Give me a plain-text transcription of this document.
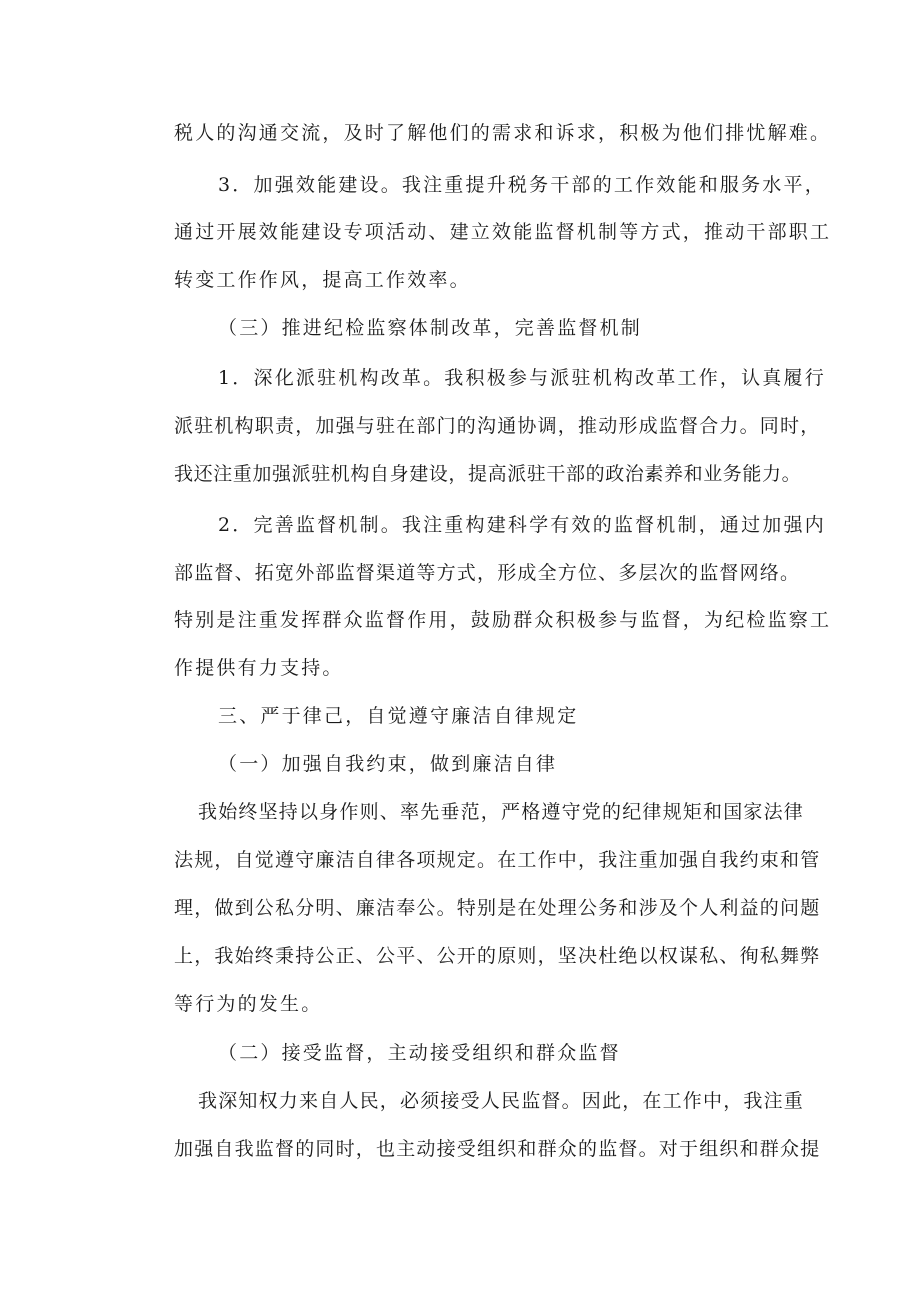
税人的沟通交流，及时了解他们的需求和诉求，积极为他们排忧解难。
3．加强效能建设。我注重提升税务干部的工作效能和服务水平，
通过开展效能建设专项活动、建立效能监督机制等方式，推动干部职工
转变工作作风，提高工作效率。
（三）推进纪检监察体制改革，完善监督机制
1．深化派驻机构改革。我积极参与派驻机构改革工作，认真履行
派驻机构职责，加强与驻在部门的沟通协调，推动形成监督合力。同时，
我还注重加强派驻机构自身建设，提高派驻干部的政治素养和业务能力。
2．完善监督机制。我注重构建科学有效的监督机制，通过加强内
部监督、拓宽外部监督渠道等方式，形成全方位、多层次的监督网络。
特别是注重发挥群众监督作用，鼓励群众积极参与监督，为纪检监察工
作提供有力支持。
三、严于律己，自觉遵守廉洁自律规定
（一）加强自我约束，做到廉洁自律
我始终坚持以身作则、率先垂范，严格遵守党的纪律规矩和国家法律
法规，自觉遵守廉洁自律各项规定。在工作中，我注重加强自我约束和管
理，做到公私分明、廉洁奉公。特别是在处理公务和涉及个人利益的问题
上，我始终秉持公正、公平、公开的原则，坚决杜绝以权谋私、徇私舞弊
等行为的发生。
（二）接受监督，主动接受组织和群众监督
我深知权力来自人民，必须接受人民监督。因此，在工作中，我注重
加强自我监督的同时，也主动接受组织和群众的监督。对于组织和群众提
